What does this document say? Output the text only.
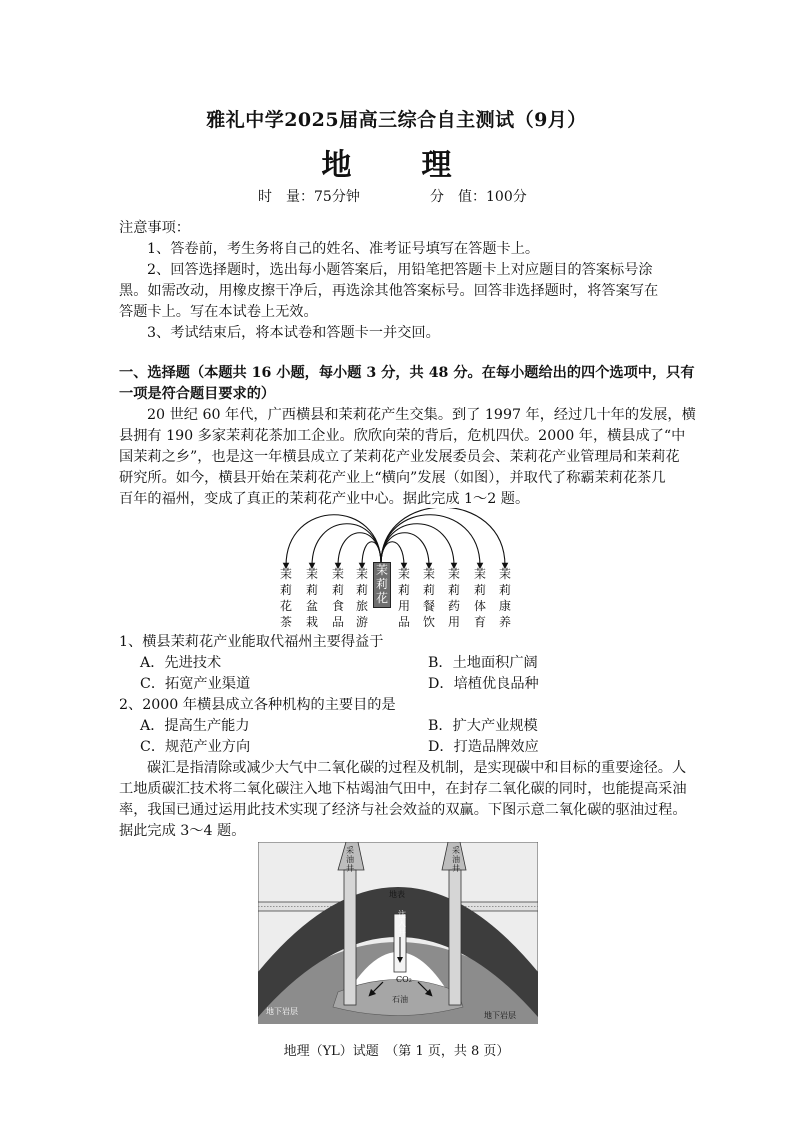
雅礼中学2025届高三综合自主测试（9月）
地　理
时　量：75分钟	分　值：100分
注意事项：
1、答卷前，考生务将自己的姓名、准考证号填写在答题卡上。
2、回答选择题时，选出每小题答案后，用铅笔把答题卡上对应题目的答案标号涂
黑。如需改动，用橡皮擦干净后，再选涂其他答案标号。回答非选择题时，将答案写在
答题卡上。写在本试卷上无效。
3、考试结束后，将本试卷和答题卡一并交回。
一、选择题（本题共 16 小题，每小题 3 分，共 48 分。在每小题给出的四个选项中，只有
一项是符合题目要求的）
20 世纪 60 年代，广西横县和茉莉花产生交集。到了 1997 年，经过几十年的发展，横
县拥有 190 多家茉莉花茶加工企业。欣欣向荣的背后，危机四伏。2000 年，横县成了“中
国茉莉之乡”，也是这一年横县成立了茉莉花产业发展委员会、茉莉花产业管理局和茉莉花
研究所。如今，横县开始在茉莉花产业上“横向”发展（如图），并取代了称霸茉莉花茶几
百年的福州，变成了真正的茉莉花产业中心。据此完成 1～2 题。
茉莉花
茉莉花茶
茉莉盆栽
茉莉食品
茉莉旅游
茉莉用品
茉莉餐饮
茉莉药用
茉莉体育
茉莉康养
1、横县茉莉花产业能取代福州主要得益于
A．先进技术	B．土地面积广阔
C．拓宽产业渠道	D．培植优良品种
2、2000 年横县成立各种机构的主要目的是
A．提高生产能力	B．扩大产业规模
C．规范产业方向	D．打造品牌效应
碳汇是指清除或减少大气中二氧化碳的过程及机制，是实现碳中和目标的重要途径。人
工地质碳汇技术将二氧化碳注入地下枯竭油气田中，在封存二氧化碳的同时，也能提高采油
率，我国已通过运用此技术实现了经济与社会效益的双赢。下图示意二氧化碳的驱油过程。
据此完成 3～4 题。
采油井
采油井
地表
注入井
CO₂
石油
地下岩层	地下岩层
地理（YL）试题　（第 1 页，共 8 页）
